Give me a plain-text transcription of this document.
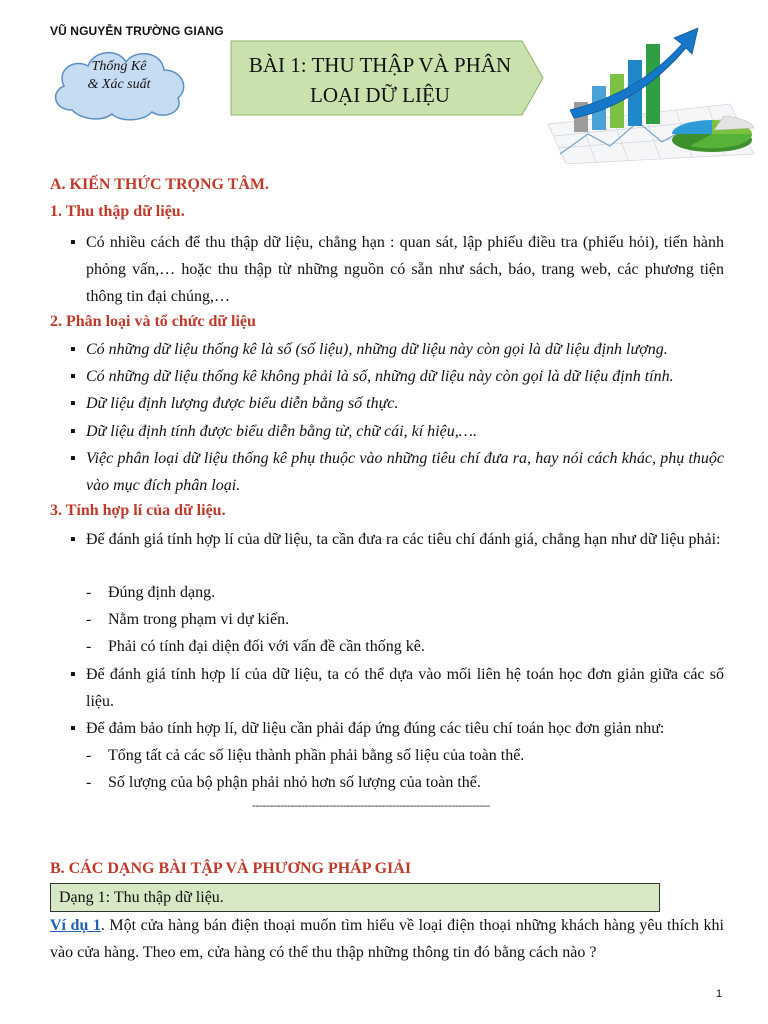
VŨ NGUYỄN TRƯỜNG GIANG
Thống Kê
& Xác suất
BÀI 1: THU THẬP VÀ PHÂN
LOẠI DỮ LIỆU
A. KIẾN THỨC TRỌNG TÂM.
1. Thu thập dữ liệu.
▪ Có nhiều cách để thu thập dữ liệu, chẳng hạn : quan sát, lập phiếu điều tra (phiếu hỏi), tiến hành phỏng vấn,… hoặc thu thập từ những nguồn có sẵn như sách, báo, trang web, các phương tiện thông tin đại chúng,…
2. Phân loại và tổ chức dữ liệu
▪ Có những dữ liệu thống kê là số (số liệu), những dữ liệu này còn gọi là dữ liệu định lượng.
▪ Có những dữ liệu thống kê không phải là số, những dữ liệu này còn gọi là dữ liệu định tính.
▪ Dữ liệu định lượng được biểu diễn bằng số thực.
▪ Dữ liệu định tính được biểu diễn bằng từ, chữ cái, kí hiệu,….
▪ Việc phân loại dữ liệu thống kê phụ thuộc vào những tiêu chí đưa ra, hay nói cách khác, phụ thuộc vào mục đích phân loại.
3. Tính hợp lí của dữ liệu.
▪ Để đánh giá tính hợp lí của dữ liệu, ta cần đưa ra các tiêu chí đánh giá, chẳng hạn như dữ liệu phải:
- Đúng định dạng.
- Nằm trong phạm vi dự kiến.
- Phải có tính đại diện đối với vấn đề cần thống kê.
▪ Để đánh giá tính hợp lí của dữ liệu, ta có thể dựa vào mối liên hệ toán học đơn giản giữa các số liệu.
▪ Để đảm bảo tính hợp lí, dữ liệu cần phải đáp ứng đúng các tiêu chí toán học đơn giản như:
- Tổng tất cả các số liệu thành phần phải bằng số liệu của toàn thể.
- Số lượng của bộ phận phải nhỏ hơn số lượng của toàn thể.
--------------------------------------------------------------------
B. CÁC DẠNG BÀI TẬP VÀ PHƯƠNG PHÁP GIẢI
Dạng 1: Thu thập dữ liệu.
Ví dụ 1. Một cửa hàng bán điện thoại muốn tìm hiểu về loại điện thoại những khách hàng yêu thích khi vào cửa hàng. Theo em, cửa hàng có thể thu thập những thông tin đó bằng cách nào ?
1
